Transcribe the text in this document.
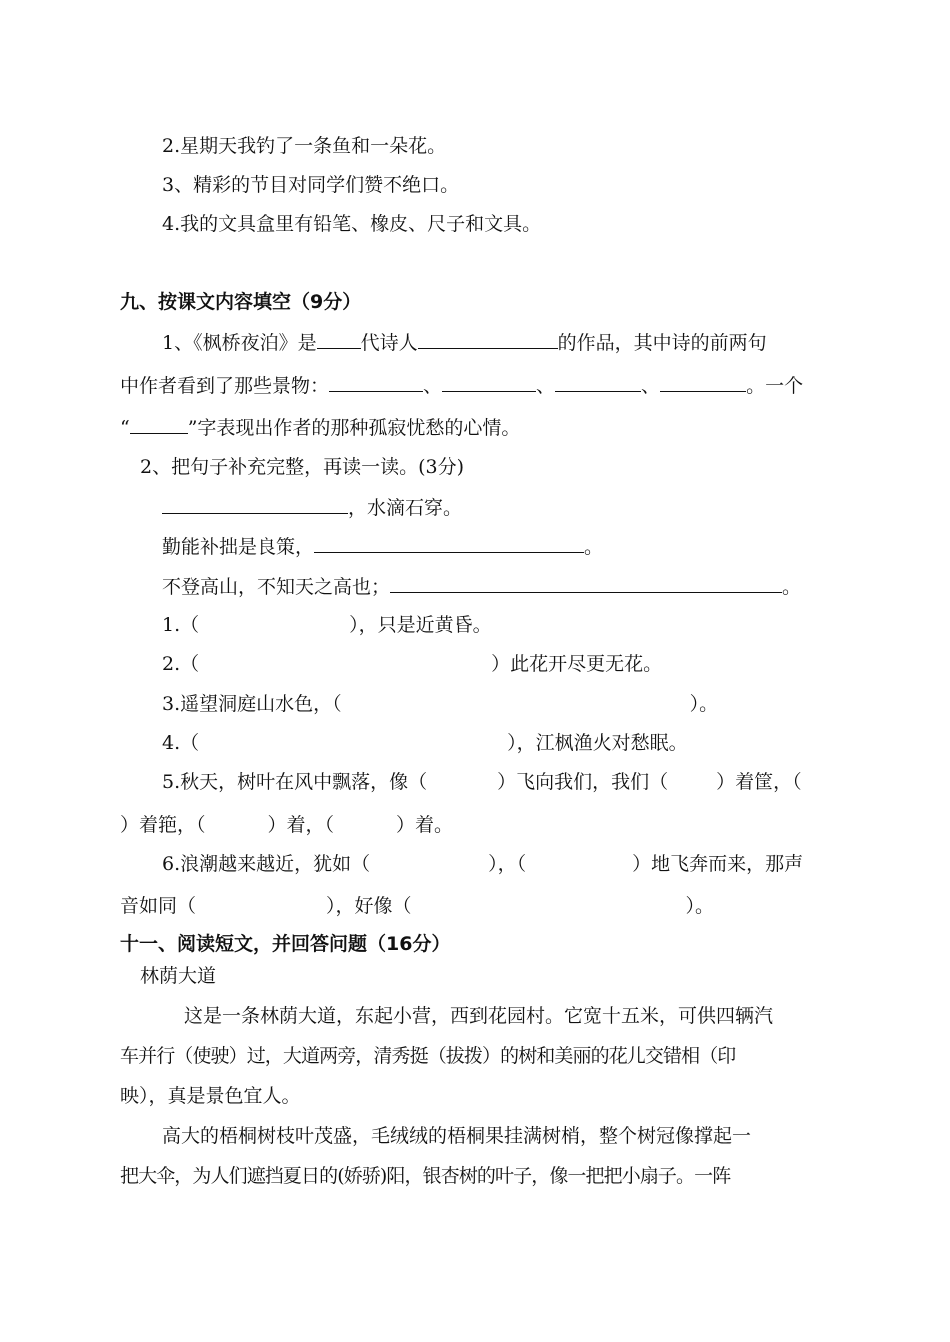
2.星期天我钓了一条鱼和一朵花。
3、精彩的节目对同学们赞不绝口。
4.我的文具盒里有铅笔、橡皮、尺子和文具。
九、按课文内容填空（9分）
1、《枫桥夜泊》是 代诗人	的作品，其中诗的前两句
中作者看到了那些景物：	、	、	、	。一个
“	”字表现出作者的那种孤寂忧愁的心情。
2、把句子补充完整，再读一读。(3分)
，水滴石穿。
勤能补拙是良策，	。
不登高山，不知天之高也；	。
1.（	），只是近黄昏。
2.（	）此花开尽更无花。
3.遥望洞庭山水色，（	）。
4.（	），江枫渔火对愁眠。
5.秋天，树叶在风中飘落，像（	）飞向我们，我们（	）着筐，（
）着筢，（	）着，（	）着。
6.浪潮越来越近，犹如（	），（	）地飞奔而来，那声
音如同（	），好像（	）。
十一、阅读短文，并回答问题（16分）
林荫大道
这是一条林荫大道，东起小营，西到花园村。它宽十五米，可供四辆汽
车并行（使驶）过，大道两旁，清秀挺（拔拨）的树和美丽的花儿交错相（印
映），真是景色宜人。
高大的梧桐树枝叶茂盛，毛绒绒的梧桐果挂满树梢，整个树冠像撑起一
把大伞，为人们遮挡夏日的(娇骄)阳，银杏树的叶子，像一把把小扇子。一阵
